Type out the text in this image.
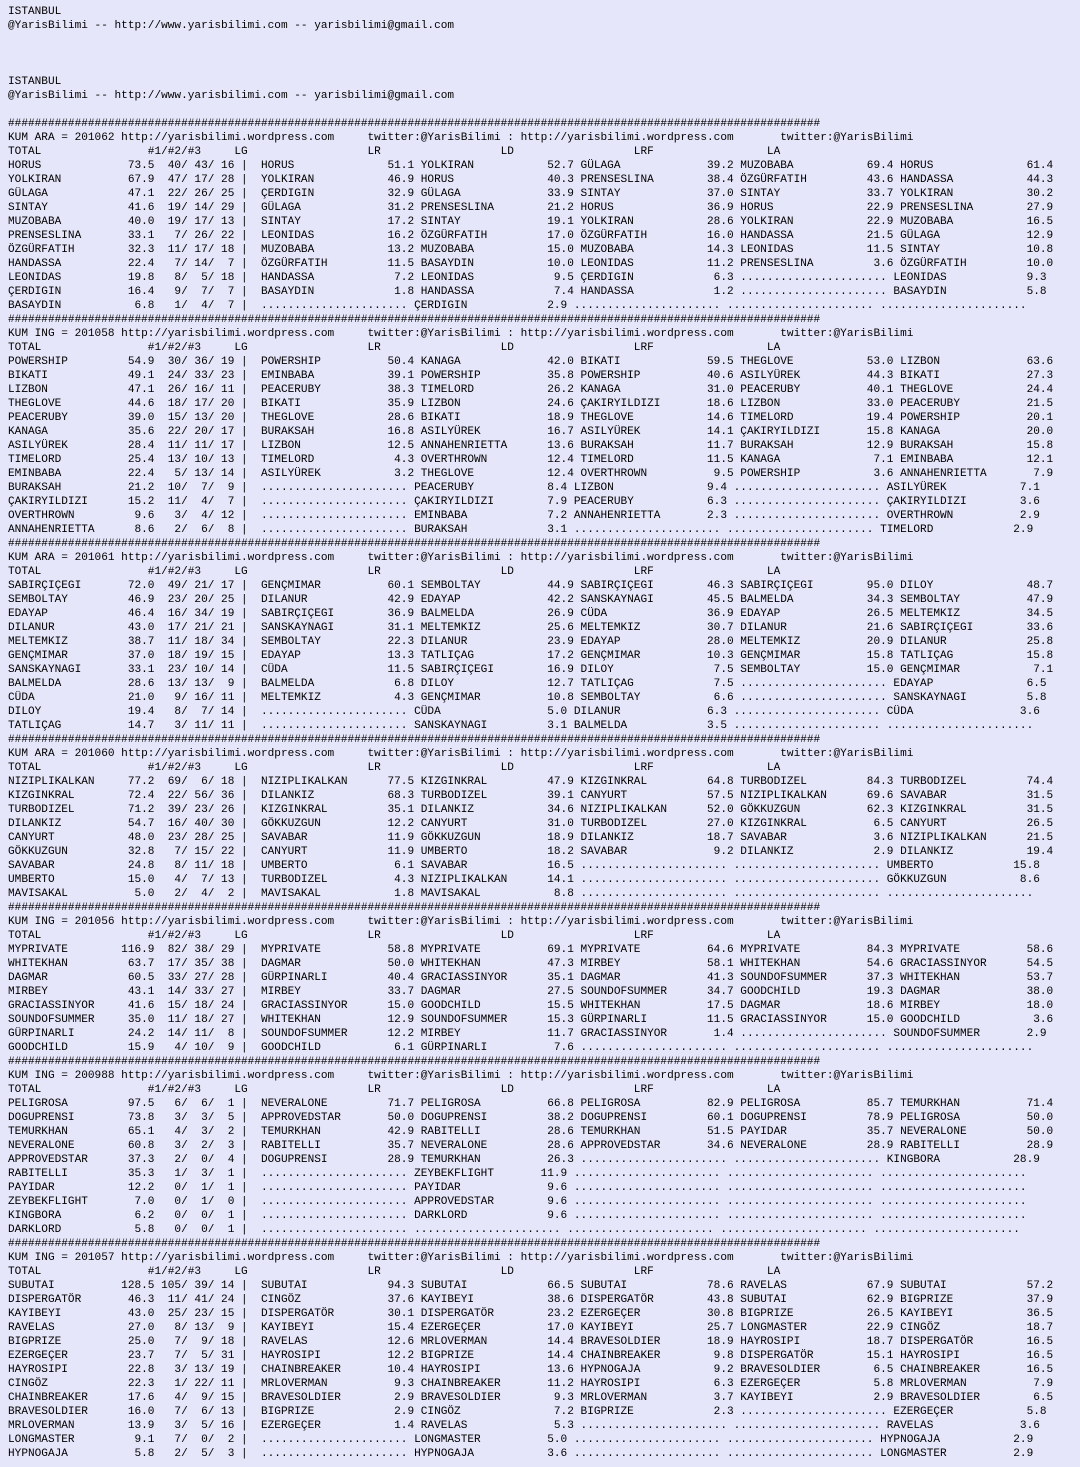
ISTANBUL
@YarisBilimi -- http://www.yarisbilimi.com -- yarisbilimi@gmail.com
ISTANBUL
@YarisBilimi -- http://www.yarisbilimi.com -- yarisbilimi@gmail.com
##########################################################################################################################
KUM ARA = 201062 http://yarisbilimi.wordpress.com     twitter:@YarisBilimi : http://yarisbilimi.wordpress.com       twitter:@YarisBilimi
TOTAL                #1/#2/#3     LG                  LR                  LD                  LRF                 LA
HORUS             73.5  40/ 43/ 16 |  HORUS              51.1 YOLKIRAN           52.7 GÜLAGA             39.2 MUZOBABA           69.4 HORUS              61.4
YOLKIRAN          67.9  47/ 17/ 28 |  YOLKIRAN           46.9 HORUS              40.3 PRENSESLINA        38.4 ÖZGÜRFATIH         43.6 HANDASSA           44.3
GÜLAGA            47.1  22/ 26/ 25 |  ÇERDIGIN           32.9 GÜLAGA             33.9 SINTAY             37.0 SINTAY             33.7 YOLKIRAN           30.2
SINTAY            41.6  19/ 14/ 29 |  GÜLAGA             31.2 PRENSESLINA        21.2 HORUS              36.9 HORUS              22.9 PRENSESLINA        27.9
MUZOBABA          40.0  19/ 17/ 13 |  SINTAY             17.2 SINTAY             19.1 YOLKIRAN           28.6 YOLKIRAN           22.9 MUZOBABA           16.5
PRENSESLINA       33.1   7/ 26/ 22 |  LEONIDAS           16.2 ÖZGÜRFATIH         17.0 ÖZGÜRFATIH         16.0 HANDASSA           21.5 GÜLAGA             12.9
ÖZGÜRFATIH        32.3  11/ 17/ 18 |  MUZOBABA           13.2 MUZOBABA           15.0 MUZOBABA           14.3 LEONIDAS           11.5 SINTAY             10.8
HANDASSA          22.4   7/ 14/  7 |  ÖZGÜRFATIH         11.5 BASAYDIN           10.0 LEONIDAS           11.2 PRENSESLINA         3.6 ÖZGÜRFATIH         10.0
LEONIDAS          19.8   8/  5/ 18 |  HANDASSA            7.2 LEONIDAS            9.5 ÇERDIGIN            6.3 ...................... LEONIDAS            9.3
ÇERDIGIN          16.4   9/  7/  7 |  BASAYDIN            1.8 HANDASSA            7.4 HANDASSA            1.2 ...................... BASAYDIN            5.8
BASAYDIN           6.8   1/  4/  7 |  ...................... ÇERDIGIN            2.9 ...................... ...................... ......................
##########################################################################################################################
KUM ING = 201058 http://yarisbilimi.wordpress.com     twitter:@YarisBilimi : http://yarisbilimi.wordpress.com       twitter:@YarisBilimi
TOTAL                #1/#2/#3     LG                  LR                  LD                  LRF                 LA
POWERSHIP         54.9  30/ 36/ 19 |  POWERSHIP          50.4 KANAGA             42.0 BIKATI             59.5 THEGLOVE           53.0 LIZBON             63.6
BIKATI            49.1  24/ 33/ 23 |  EMINBABA           39.1 POWERSHIP          35.8 POWERSHIP          40.6 ASILYÜREK          44.3 BIKATI             27.3
LIZBON            47.1  26/ 16/ 11 |  PEACERUBY          38.3 TIMELORD           26.2 KANAGA             31.0 PEACERUBY          40.1 THEGLOVE           24.4
THEGLOVE          44.6  18/ 17/ 20 |  BIKATI             35.9 LIZBON             24.6 ÇAKIRYILDIZI       18.6 LIZBON             33.0 PEACERUBY          21.5
PEACERUBY         39.0  15/ 13/ 20 |  THEGLOVE           28.6 BIKATI             18.9 THEGLOVE           14.6 TIMELORD           19.4 POWERSHIP          20.1
KANAGA            35.6  22/ 20/ 17 |  BURAKSAH           16.8 ASILYÜREK          16.7 ASILYÜREK          14.1 ÇAKIRYILDIZI       15.8 KANAGA             20.0
ASILYÜREK         28.4  11/ 11/ 17 |  LIZBON             12.5 ANNAHENRIETTA      13.6 BURAKSAH           11.7 BURAKSAH           12.9 BURAKSAH           15.8
TIMELORD          25.4  13/ 10/ 13 |  TIMELORD            4.3 OVERTHROWN         12.4 TIMELORD           11.5 KANAGA              7.1 EMINBABA           12.1
EMINBABA          22.4   5/ 13/ 14 |  ASILYÜREK           3.2 THEGLOVE           12.4 OVERTHROWN          9.5 POWERSHIP           3.6 ANNAHENRIETTA       7.9
BURAKSAH          21.2  10/  7/  9 |  ...................... PEACERUBY           8.4 LIZBON              9.4 ...................... ASILYÜREK           7.1
ÇAKIRYILDIZI      15.2  11/  4/  7 |  ...................... ÇAKIRYILDIZI        7.9 PEACERUBY           6.3 ...................... ÇAKIRYILDIZI        3.6
OVERTHROWN         9.6   3/  4/ 12 |  ...................... EMINBABA            7.2 ANNAHENRIETTA       2.3 ...................... OVERTHROWN          2.9
ANNAHENRIETTA      8.6   2/  6/  8 |  ...................... BURAKSAH            3.1 ...................... ...................... TIMELORD            2.9
##########################################################################################################################
KUM ARA = 201061 http://yarisbilimi.wordpress.com     twitter:@YarisBilimi : http://yarisbilimi.wordpress.com       twitter:@YarisBilimi
TOTAL                #1/#2/#3     LG                  LR                  LD                  LRF                 LA
SABIRÇIÇEGI       72.0  49/ 21/ 17 |  GENÇMIMAR          60.1 SEMBOLTAY          44.9 SABIRÇIÇEGI        46.3 SABIRÇIÇEGI        95.0 DILOY              48.7
SEMBOLTAY         46.9  23/ 20/ 25 |  DILANUR            42.9 EDAYAP             42.2 SANSKAYNAGI        45.5 BALMELDA           34.3 SEMBOLTAY          47.9
EDAYAP            46.4  16/ 34/ 19 |  SABIRÇIÇEGI        36.9 BALMELDA           26.9 CÜDA               36.9 EDAYAP             26.5 MELTEMKIZ          34.5
DILANUR           43.0  17/ 21/ 21 |  SANSKAYNAGI        31.1 MELTEMKIZ          25.6 MELTEMKIZ          30.7 DILANUR            21.6 SABIRÇIÇEGI        33.6
MELTEMKIZ         38.7  11/ 18/ 34 |  SEMBOLTAY          22.3 DILANUR            23.9 EDAYAP             28.0 MELTEMKIZ          20.9 DILANUR            25.8
GENÇMIMAR         37.0  18/ 19/ 15 |  EDAYAP             13.3 TATLIÇAG           17.2 GENÇMIMAR          10.3 GENÇMIMAR          15.8 TATLIÇAG           15.8
SANSKAYNAGI       33.1  23/ 10/ 14 |  CÜDA               11.5 SABIRÇIÇEGI        16.9 DILOY               7.5 SEMBOLTAY          15.0 GENÇMIMAR           7.1
BALMELDA          28.6  13/ 13/  9 |  BALMELDA            6.8 DILOY              12.7 TATLIÇAG            7.5 ...................... EDAYAP              6.5
CÜDA              21.0   9/ 16/ 11 |  MELTEMKIZ           4.3 GENÇMIMAR          10.8 SEMBOLTAY           6.6 ...................... SANSKAYNAGI         5.8
DILOY             19.4   8/  7/ 14 |  ...................... CÜDA                5.0 DILANUR             6.3 ...................... CÜDA                3.6
TATLIÇAG          14.7   3/ 11/ 11 |  ...................... SANSKAYNAGI         3.1 BALMELDA            3.5 ...................... ......................
##########################################################################################################################
KUM ARA = 201060 http://yarisbilimi.wordpress.com     twitter:@YarisBilimi : http://yarisbilimi.wordpress.com       twitter:@YarisBilimi
TOTAL                #1/#2/#3     LG                  LR                  LD                  LRF                 LA
NIZIPLIKALKAN     77.2  69/  6/ 18 |  NIZIPLIKALKAN      77.5 KIZGINKRAL         47.9 KIZGINKRAL         64.8 TURBODIZEL         84.3 TURBODIZEL         74.4
KIZGINKRAL        72.4  22/ 56/ 36 |  DILANKIZ           68.3 TURBODIZEL         39.1 CANYURT            57.5 NIZIPLIKALKAN      69.6 SAVABAR            31.5
TURBODIZEL        71.2  39/ 23/ 26 |  KIZGINKRAL         35.1 DILANKIZ           34.6 NIZIPLIKALKAN      52.0 GÖKKUZGUN          62.3 KIZGINKRAL         31.5
DILANKIZ          54.7  16/ 40/ 30 |  GÖKKUZGUN          12.2 CANYURT            31.0 TURBODIZEL         27.0 KIZGINKRAL          6.5 CANYURT            26.5
CANYURT           48.0  23/ 28/ 25 |  SAVABAR            11.9 GÖKKUZGUN          18.9 DILANKIZ           18.7 SAVABAR             3.6 NIZIPLIKALKAN      21.5
GÖKKUZGUN         32.8   7/ 15/ 22 |  CANYURT            11.9 UMBERTO            18.2 SAVABAR             9.2 DILANKIZ            2.9 DILANKIZ           19.4
SAVABAR           24.8   8/ 11/ 18 |  UMBERTO             6.1 SAVABAR            16.5 ...................... ...................... UMBERTO            15.8
UMBERTO           15.0   4/  7/ 13 |  TURBODIZEL          4.3 NIZIPLIKALKAN      14.1 ...................... ...................... GÖKKUZGUN           8.6
MAVISAKAL          5.0   2/  4/  2 |  MAVISAKAL           1.8 MAVISAKAL           8.8 ...................... ...................... ......................
##########################################################################################################################
KUM ING = 201056 http://yarisbilimi.wordpress.com     twitter:@YarisBilimi : http://yarisbilimi.wordpress.com       twitter:@YarisBilimi
TOTAL                #1/#2/#3     LG                  LR                  LD                  LRF                 LA
MYPRIVATE        116.9  82/ 38/ 29 |  MYPRIVATE          58.8 MYPRIVATE          69.1 MYPRIVATE          64.6 MYPRIVATE          84.3 MYPRIVATE          58.6
WHITEKHAN         63.7  17/ 35/ 38 |  DAGMAR             50.0 WHITEKHAN          47.3 MIRBEY             58.1 WHITEKHAN          54.6 GRACIASSINYOR      54.5
DAGMAR            60.5  33/ 27/ 28 |  GÜRPINARLI         40.4 GRACIASSINYOR      35.1 DAGMAR             41.3 SOUNDOFSUMMER      37.3 WHITEKHAN          53.7
MIRBEY            43.1  14/ 33/ 27 |  MIRBEY             33.7 DAGMAR             27.5 SOUNDOFSUMMER      34.7 GOODCHILD          19.3 DAGMAR             38.0
GRACIASSINYOR     41.6  15/ 18/ 24 |  GRACIASSINYOR      15.0 GOODCHILD          15.5 WHITEKHAN          17.5 DAGMAR             18.6 MIRBEY             18.0
SOUNDOFSUMMER     35.0  11/ 18/ 27 |  WHITEKHAN          12.9 SOUNDOFSUMMER      15.3 GÜRPINARLI         11.5 GRACIASSINYOR      15.0 GOODCHILD           3.6
GÜRPINARLI        24.2  14/ 11/  8 |  SOUNDOFSUMMER      12.2 MIRBEY             11.7 GRACIASSINYOR       1.4 ...................... SOUNDOFSUMMER       2.9
GOODCHILD         15.9   4/ 10/  9 |  GOODCHILD           6.1 GÜRPINARLI          7.6 ...................... ...................... ......................
##########################################################################################################################
KUM ING = 200988 http://yarisbilimi.wordpress.com     twitter:@YarisBilimi : http://yarisbilimi.wordpress.com       twitter:@YarisBilimi
TOTAL                #1/#2/#3     LG                  LR                  LD                  LRF                 LA
PELIGROSA         97.5   6/  6/  1 |  NEVERALONE         71.7 PELIGROSA          66.8 PELIGROSA          82.9 PELIGROSA          85.7 TEMURKHAN          71.4
DOGUPRENSI        73.8   3/  3/  5 |  APPROVEDSTAR       50.0 DOGUPRENSI         38.2 DOGUPRENSI         60.1 DOGUPRENSI         78.9 PELIGROSA          50.0
TEMURKHAN         65.1   4/  3/  2 |  TEMURKHAN          42.9 RABITELLI          28.6 TEMURKHAN          51.5 PAYIDAR            35.7 NEVERALONE         50.0
NEVERALONE        60.8   3/  2/  3 |  RABITELLI          35.7 NEVERALONE         28.6 APPROVEDSTAR       34.6 NEVERALONE         28.9 RABITELLI          28.9
APPROVEDSTAR      37.3   2/  0/  4 |  DOGUPRENSI         28.9 TEMURKHAN          26.3 ...................... ...................... KINGBORA           28.9
RABITELLI         35.3   1/  3/  1 |  ...................... ZEYBEKFLIGHT       11.9 ...................... ...................... ......................
PAYIDAR           12.2   0/  1/  1 |  ...................... PAYIDAR             9.6 ...................... ...................... ......................
ZEYBEKFLIGHT       7.0   0/  1/  0 |  ...................... APPROVEDSTAR        9.6 ...................... ...................... ......................
KINGBORA           6.2   0/  0/  1 |  ...................... DARKLORD            9.6 ...................... ...................... ......................
DARKLORD           5.8   0/  0/  1 |  ...................... ...................... ...................... ...................... ......................
##########################################################################################################################
KUM ING = 201057 http://yarisbilimi.wordpress.com     twitter:@YarisBilimi : http://yarisbilimi.wordpress.com       twitter:@YarisBilimi
TOTAL                #1/#2/#3     LG                  LR                  LD                  LRF                 LA
SUBUTAI          128.5 105/ 39/ 14 |  SUBUTAI            94.3 SUBUTAI            66.5 SUBUTAI            78.6 RAVELAS            67.9 SUBUTAI            57.2
DISPERGATÖR       46.3  11/ 41/ 24 |  CINGÖZ             37.6 KAYIBEYI           38.6 DISPERGATÖR        43.8 SUBUTAI            62.9 BIGPRIZE           37.9
KAYIBEYI          43.0  25/ 23/ 15 |  DISPERGATÖR        30.1 DISPERGATÖR        23.2 EZERGEÇER          30.8 BIGPRIZE           26.5 KAYIBEYI           36.5
RAVELAS           27.0   8/ 13/  9 |  KAYIBEYI           15.4 EZERGEÇER          17.0 KAYIBEYI           25.7 LONGMASTER         22.9 CINGÖZ             18.7
BIGPRIZE          25.0   7/  9/ 18 |  RAVELAS            12.6 MRLOVERMAN         14.4 BRAVESOLDIER       18.9 HAYROSIPI          18.7 DISPERGATÖR        16.5
EZERGEÇER         23.7   7/  5/ 31 |  HAYROSIPI          12.2 BIGPRIZE           14.4 CHAINBREAKER        9.8 DISPERGATÖR        15.1 HAYROSIPI          16.5
HAYROSIPI         22.8   3/ 13/ 19 |  CHAINBREAKER       10.4 HAYROSIPI          13.6 HYPNOGAJA           9.2 BRAVESOLDIER        6.5 CHAINBREAKER       16.5
CINGÖZ            22.3   1/ 22/ 11 |  MRLOVERMAN          9.3 CHAINBREAKER       11.2 HAYROSIPI           6.3 EZERGEÇER           5.8 MRLOVERMAN          7.9
CHAINBREAKER      17.6   4/  9/ 15 |  BRAVESOLDIER        2.9 BRAVESOLDIER        9.3 MRLOVERMAN          3.7 KAYIBEYI            2.9 BRAVESOLDIER        6.5
BRAVESOLDIER      16.0   7/  6/ 13 |  BIGPRIZE            2.9 CINGÖZ              7.2 BIGPRIZE            2.3 ...................... EZERGEÇER           5.8
MRLOVERMAN        13.9   3/  5/ 16 |  EZERGEÇER           1.4 RAVELAS             5.3 ...................... ...................... RAVELAS             3.6
LONGMASTER         9.1   7/  0/  2 |  ...................... LONGMASTER          5.0 ...................... ...................... HYPNOGAJA           2.9
HYPNOGAJA          5.8   2/  5/  3 |  ...................... HYPNOGAJA           3.6 ...................... ...................... LONGMASTER          2.9
